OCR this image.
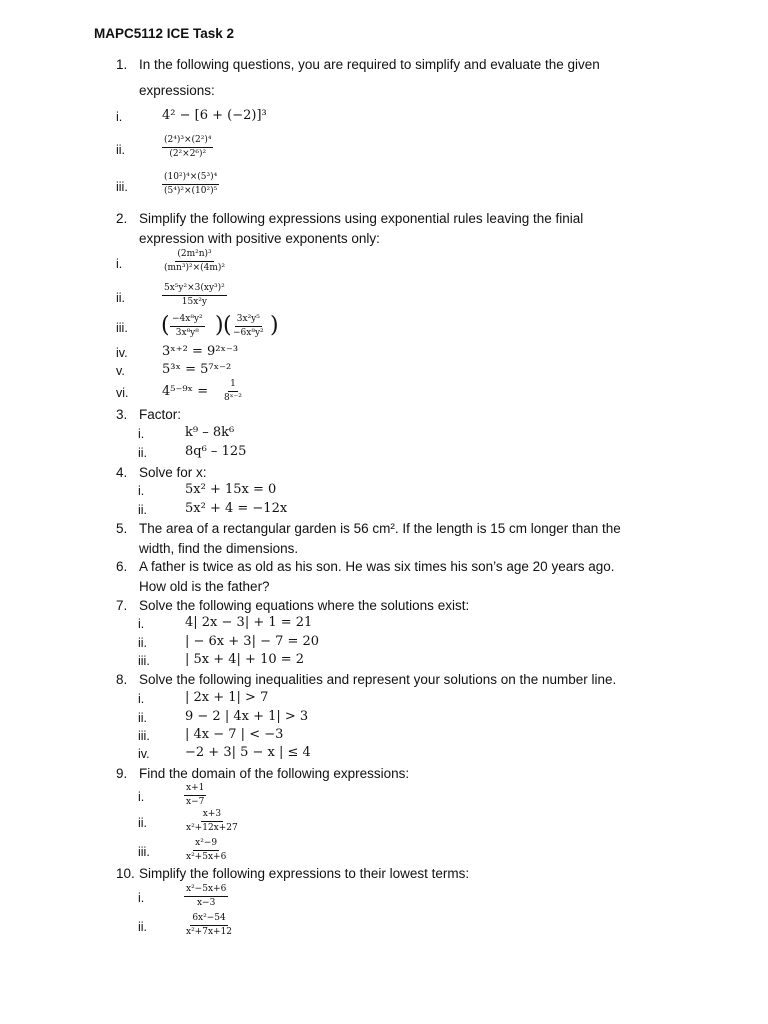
MAPC5112 ICE Task 2
1. In the following questions, you are required to simplify and evaluate the given
expressions:
i.	4² − [6 + (−2)]³
ii.	$\frac{\text{(2⁴)³×(2²)⁴}}{\text{(2²×2⁶)²}}$
iii.	$\frac{\text{(10²)⁴×(5³)⁴}}{\text{(5⁴)²×(10²)⁵}}$
2. Simplify the following expressions using exponential rules leaving the finial
expression with positive exponents only:
i.	$\frac{\text{(2m²n)³}}{\text{(mn³)²×(4m)²}}$
ii.	$\frac{\text{5x⁵y²×3(xy³)²}}{\text{15x²y}}$
iii. ( $\frac{\text{−4x⁸y²}}{\text{3x⁸y⁸}}$ ) ( $\frac{\text{3x²y⁵}}{\text{−6x⁸y²}}$ )
iv.	3ˣ⁺² = 9²ˣ⁻³
v.	5³ˣ = 5⁷ˣ⁻²
vi.	4⁵⁻⁹ˣ = $\frac{1}{\text{8ˣ⁻²}}$
3. Factor:
i.	k⁹ – 8k⁶
ii.	8q⁶ – 125
4. Solve for x:
i.	5x² + 15x = 0
ii.	5x² + 4 = −12x
5. The area of a rectangular garden is 56 cm². If the length is 15 cm longer than the
width, find the dimensions.
6. A father is twice as old as his son. He was six times his son’s age 20 years ago.
How old is the father?
7. Solve the following equations where the solutions exist:
i.	4| 2x − 3| + 1 = 21
ii.	| − 6x + 3| − 7 = 20
iii.	| 5x + 4| + 10 = 2
8. Solve the following inequalities and represent your solutions on the number line.
i.	| 2x + 1| > 7
ii.	9 − 2 | 4x + 1| > 3
iii.	| 4x − 7 | < −3
iv.	−2 + 3| 5 − x | ≤ 4
9. Find the domain of the following expressions:
i.	$\frac{x+1}{x-7}$
ii.	$\frac{x+3}{\text{x²+12x+27}}$
iii.	$\frac{\text{x²−9}}{\text{x²+5x+6}}$
10. Simplify the following expressions to their lowest terms:
i.	$\frac{\text{x²−5x+6}}{x-3}$
ii.	$\frac{\text{6x²−54}}{\text{x²+7x+12}}$
